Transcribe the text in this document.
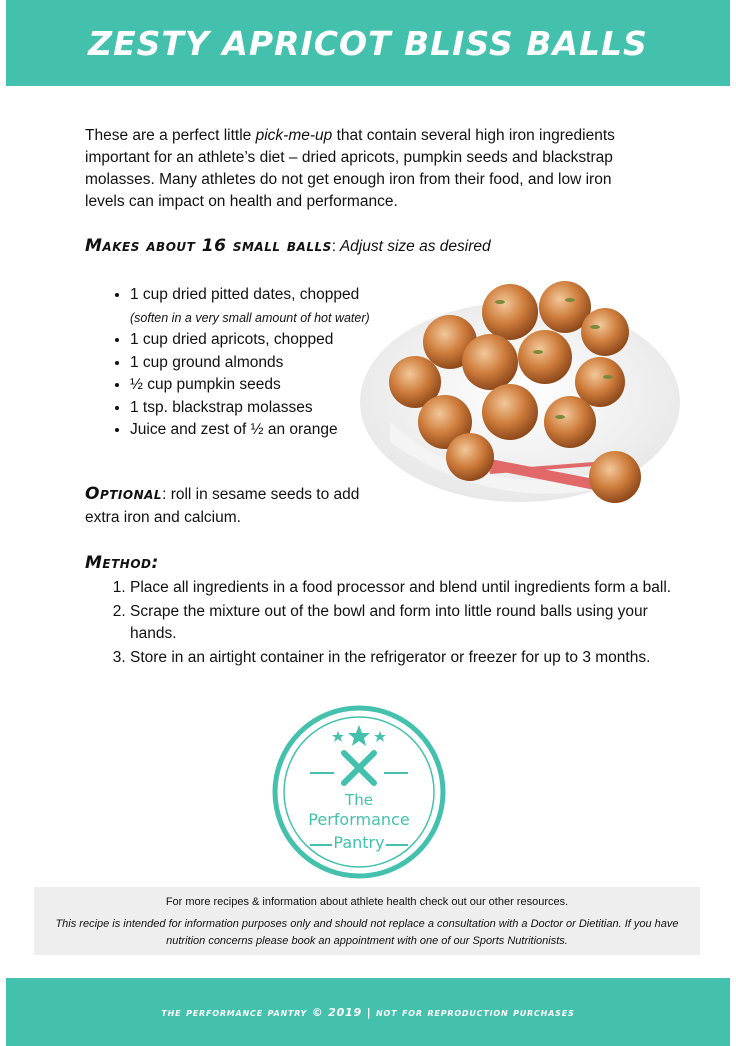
ZESTY APRICOT BLISS BALLS

These are a perfect little pick-me-up that contain several high iron ingredients important for an athlete’s diet – dried apricots, pumpkin seeds and blackstrap molasses. Many athletes do not get enough iron from their food, and low iron levels can impact on health and performance.

Makes about 16 small balls: Adjust size as desired
• 1 cup dried pitted dates, chopped (soften in a very small amount of hot water)
• 1 cup dried apricots, chopped
• 1 cup ground almonds
• ½ cup pumpkin seeds
• 1 tsp. blackstrap molasses
• Juice and zest of ½ an orange

Optional: roll in sesame seeds to add extra iron and calcium.

Method:
1. Place all ingredients in a food processor and blend until ingredients form a ball.
2. Scrape the mixture out of the bowl and form into little round balls using your hands.
3. Store in an airtight container in the refrigerator or freezer for up to 3 months.
The
Performance
Pantry

For more recipes & information about athlete health check out our other resources.

This recipe is intended for information purposes only and should not replace a consultation with a Doctor or Dietitian. If you have nutrition concerns please book an appointment with one of our Sports Nutritionists.

the performance pantry © 2019 | not for reproduction purchases
